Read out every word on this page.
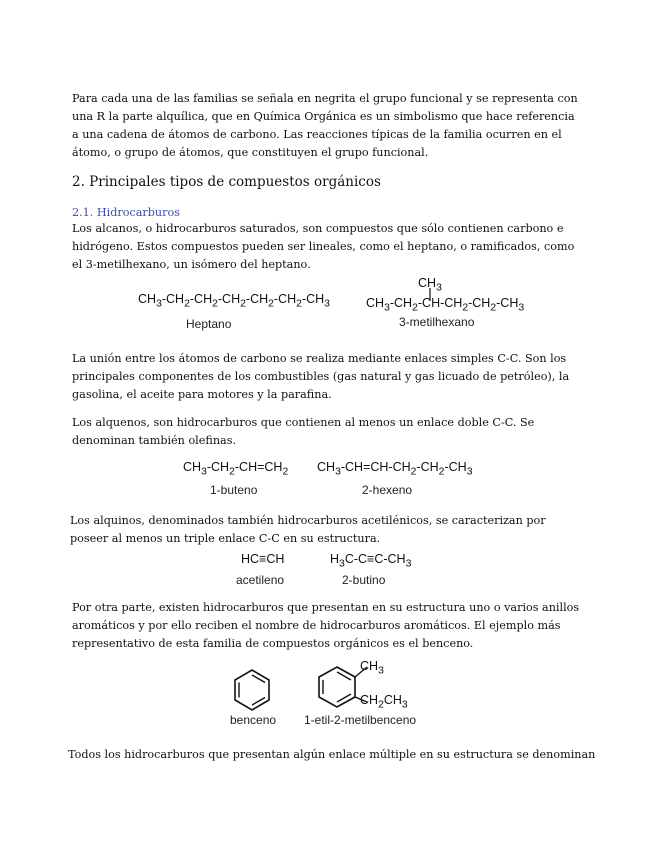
Para cada una de las familias se señala en negrita el grupo funcional y se representa con una R la parte alquílica, que en Química Orgánica es un simbolismo que hace referencia a una cadena de átomos de carbono. Las reacciones típicas de la familia ocurren en el átomo, o grupo de átomos, que constituyen el grupo funcional.

2. Principales tipos de compuestos orgánicos

2.1. Hidrocarburos

Los alcanos, o hidrocarburos saturados, son compuestos que sólo contienen carbono e hidrógeno. Estos compuestos pueden ser lineales, como el heptano, o ramificados, como el 3-metilhexano, un isómero del heptano.

$CH_3-CH_2-CH_2-CH_2-CH_2-CH_2-CH_3$
Heptano
$CH_3$
$CH_3-CH_2-CH-CH_2-CH_2-CH_3$
3-metilhexano

La unión entre los átomos de carbono se realiza mediante enlaces simples C-C. Son los principales componentes de los combustibles (gas natural y gas licuado de petróleo), la gasolina, el aceite para motores y la parafina.

Los alquenos, son hidrocarburos que contienen al menos un enlace doble C-C. Se denominan también olefinas.

$CH_3-CH_2-CH=CH_2$
1-buteno
$CH_3-CH=CH-CH_2-CH_2-CH_3$
2-hexeno

Los alquinos, denominados también hidrocarburos acetilénicos, se caracterizan por poseer al menos un triple enlace C-C en su estructura.

HC≡CH
acetileno
$H_3C-C\equiv C-CH_3$
2-butino

Por otra parte, existen hidrocarburos que presentan en su estructura uno o varios anillos aromáticos y por ello reciben el nombre de hidrocarburos aromáticos. El ejemplo más representativo de esta familia de compuestos orgánicos es el benceno.

benceno
$CH_3$
$CH_2CH_3$
1-etil-2-metilbenceno

Todos los hidrocarburos que presentan algún enlace múltiple en su estructura se denominan
